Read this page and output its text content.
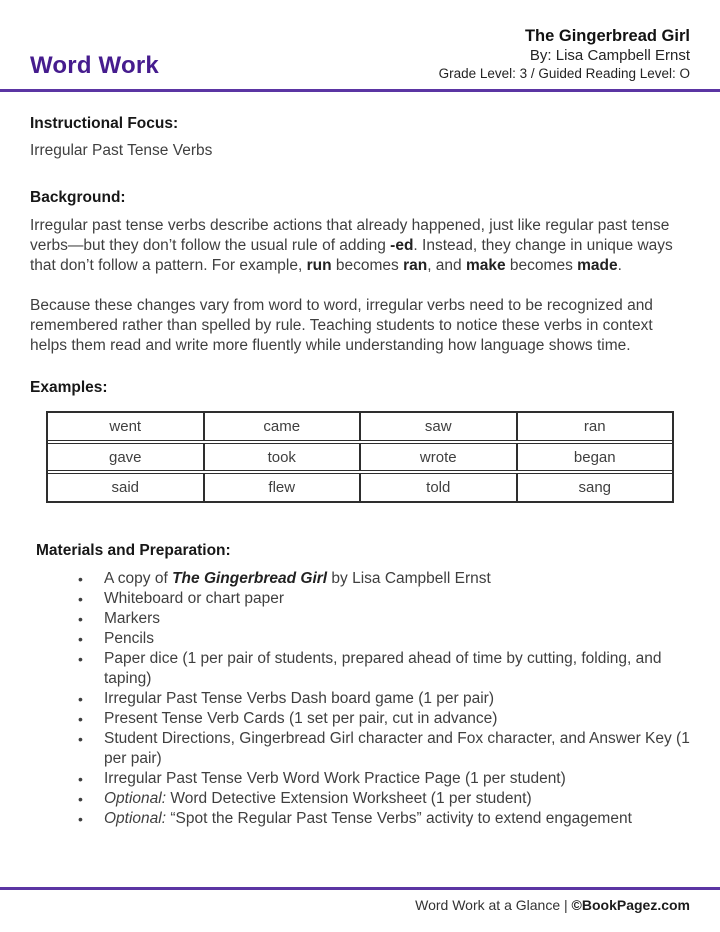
Word Work
The Gingerbread Girl
By: Lisa Campbell Ernst
Grade Level: 3 / Guided Reading Level: O
Instructional Focus:
Irregular Past Tense Verbs
Background:

Irregular past tense verbs describe actions that already happened, just like regular past tense verbs—but they don’t follow the usual rule of adding -ed. Instead, they change in unique ways that don’t follow a pattern. For example, run becomes ran, and make becomes made.

Because these changes vary from word to word, irregular verbs need to be recognized and remembered rather than spelled by rule. Teaching students to notice these verbs in context helps them read and write more fluently while understanding how language shows time.

Examples:
went	came	saw	ran
gave	took	wrote	began
said	flew	told	sang
Materials and Preparation:
•	A copy of The Gingerbread Girl by Lisa Campbell Ernst
•	Whiteboard or chart paper
•	Markers
•	Pencils
•	Paper dice (1 per pair of students, prepared ahead of time by cutting, folding, and taping)
•	Irregular Past Tense Verbs Dash board game (1 per pair)
•	Present Tense Verb Cards (1 set per pair, cut in advance)
•	Student Directions, Gingerbread Girl character and Fox character, and Answer Key (1 per pair)
•	Irregular Past Tense Verb Word Work Practice Page (1 per student)
•	Optional: Word Detective Extension Worksheet (1 per student)
•	Optional: “Spot the Regular Past Tense Verbs” activity to extend engagement
Word Work at a Glance | ©BookPagez.com
